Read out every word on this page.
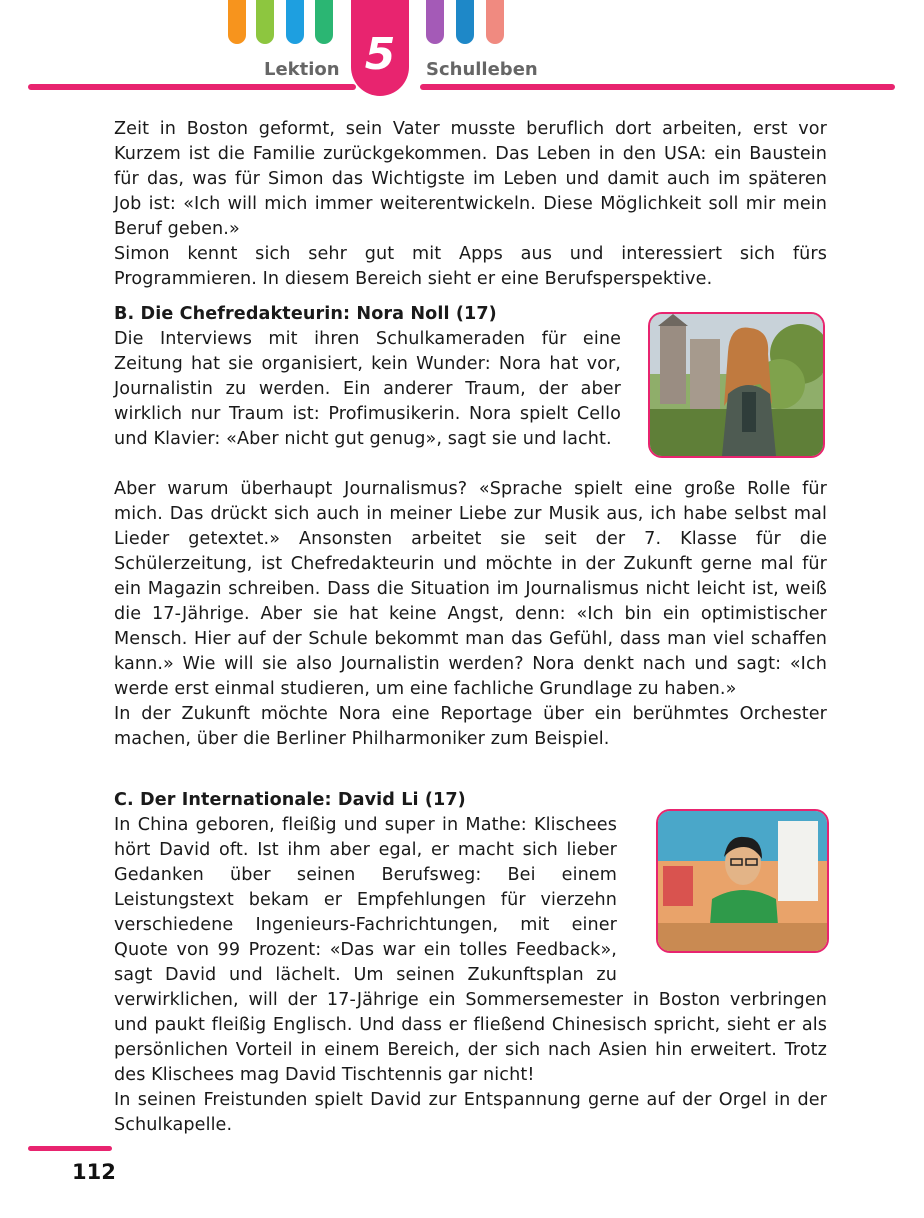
Lektion 5	Schulleben

Zeit in Boston geformt, sein Vater musste beruflich dort arbeiten, erst vor Kurzem ist die Familie zurückgekommen. Das Leben in den USA: ein Baustein für das, was für Simon das Wichtigste im Leben und damit auch im späteren Job ist: «Ich will mich immer weiterentwickeln. Diese Möglichkeit soll mir mein Beruf geben.»

Simon kennt sich sehr gut mit Apps aus und interessiert sich fürs Programmieren. In diesem Bereich sieht er eine Berufsperspektive.

B. Die Chefredakteurin: Nora Noll (17)

Die Interviews mit ihren Schulkameraden für eine Zeitung hat sie organisiert, kein Wunder: Nora hat vor, Journalistin zu werden. Ein anderer Traum, der aber wirklich nur Traum ist: Profimusikerin. Nora spielt Cello und Klavier: «Aber nicht gut genug», sagt sie und lacht.

Aber warum überhaupt Journalismus? «Sprache spielt eine große Rolle für mich. Das drückt sich auch in meiner Liebe zur Musik aus, ich habe selbst mal Lieder getextet.» Ansonsten arbeitet sie seit der 7. Klasse für die Schülerzeitung, ist Chefredakteurin und möchte in der Zukunft gerne mal für ein Magazin schreiben. Dass die Situation im Journalismus nicht leicht ist, weiß die 17-Jährige. Aber sie hat keine Angst, denn: «Ich bin ein optimistischer Mensch. Hier auf der Schule bekommt man das Gefühl, dass man viel schaffen kann.» Wie will sie also Journalistin werden? Nora denkt nach und sagt: «Ich werde erst einmal studieren, um eine fachliche Grundlage zu haben.»

In der Zukunft möchte Nora eine Reportage über ein berühmtes Orchester machen, über die Berliner Philharmoniker zum Beispiel.

C. Der Internationale: David Li (17)

In China geboren, fleißig und super in Mathe: Klischees hört David oft. Ist ihm aber egal, er macht sich lieber Gedanken über seinen Berufsweg: Bei einem Leistungstext bekam er Empfehlungen für vierzehn verschiedene Ingenieurs-Fachrichtungen, mit einer Quote von 99 Prozent: «Das war ein tolles Feedback», sagt David und lächelt. Um seinen Zukunftsplan zu verwirklichen, will der 17-Jährige ein Sommersemester in Boston verbringen und paukt fleißig Englisch. Und dass er fließend Chinesisch spricht, sieht er als persönlichen Vorteil in einem Bereich, der sich nach Asien hin erweitert. Trotz des Klischees mag David Tischtennis gar nicht!

In seinen Freistunden spielt David zur Entspannung gerne auf der Orgel in der Schulkapelle.

112
